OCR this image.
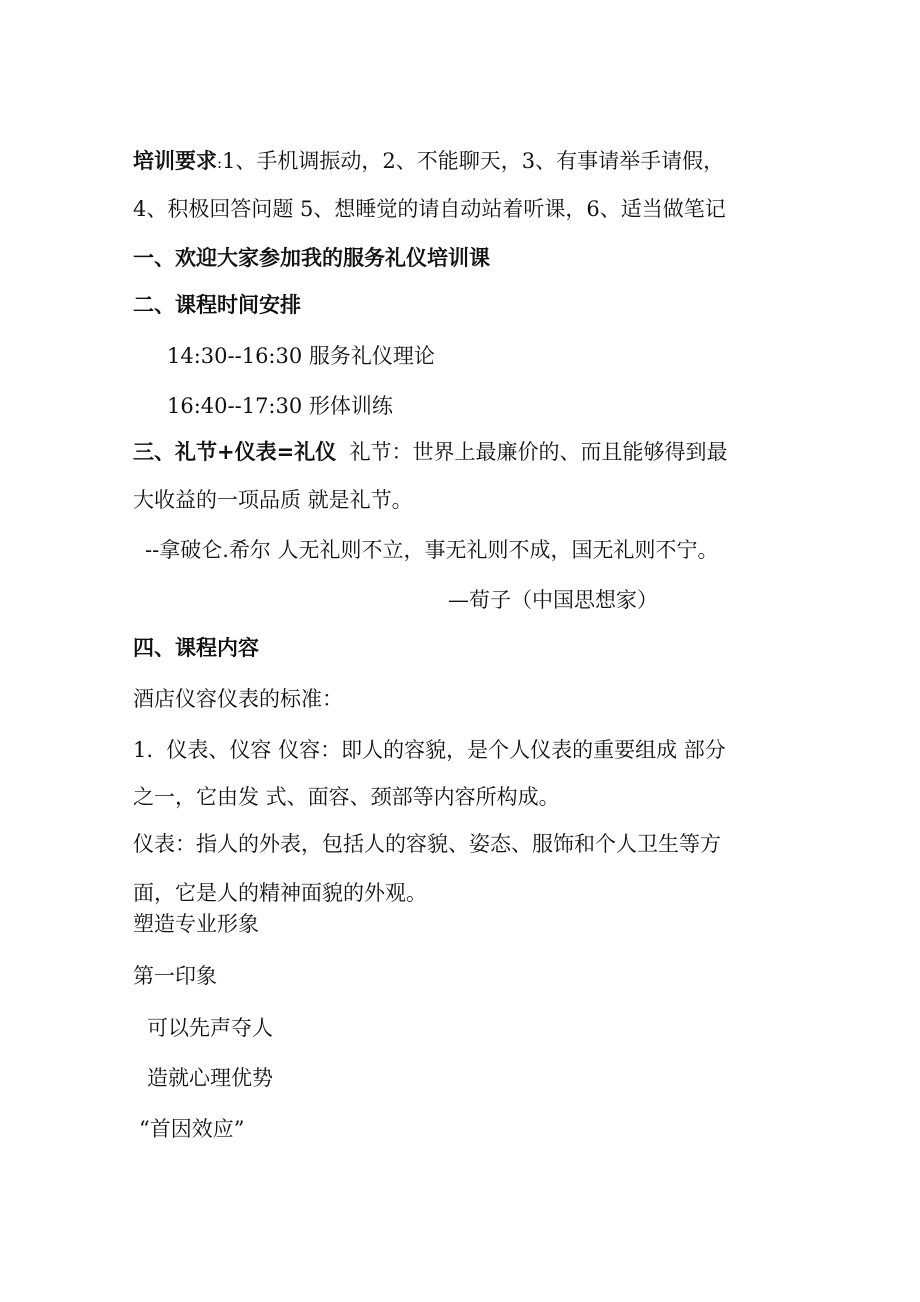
培训要求:1、手机调振动，2、不能聊天，3、有事请举手请假，
4、积极回答问题 5、想睡觉的请自动站着听课，6、适当做笔记
一、欢迎大家参加我的服务礼仪培训课
二、课程时间安排
14:30--16:30 服务礼仪理论
16:40--17:30 形体训练
三、礼节+仪表=礼仪 礼节：世界上最廉价的、而且能够得到最
大收益的一项品质 就是礼节。
--拿破仑.希尔 人无礼则不立，事无礼则不成，国无礼则不宁。
—荀子（中国思想家）
四、课程内容
酒店仪容仪表的标准：
1. 仪表、仪容 仪容：即人的容貌，是个人仪表的重要组成 部分
之一，它由发 式、面容、颈部等内容所构成。
仪表：指人的外表，包括人的容貌、姿态、服饰和个人卫生等方
面，它是人的精神面貌的外观。
塑造专业形象
第一印象
可以先声夺人
造就心理优势
“首因效应”
